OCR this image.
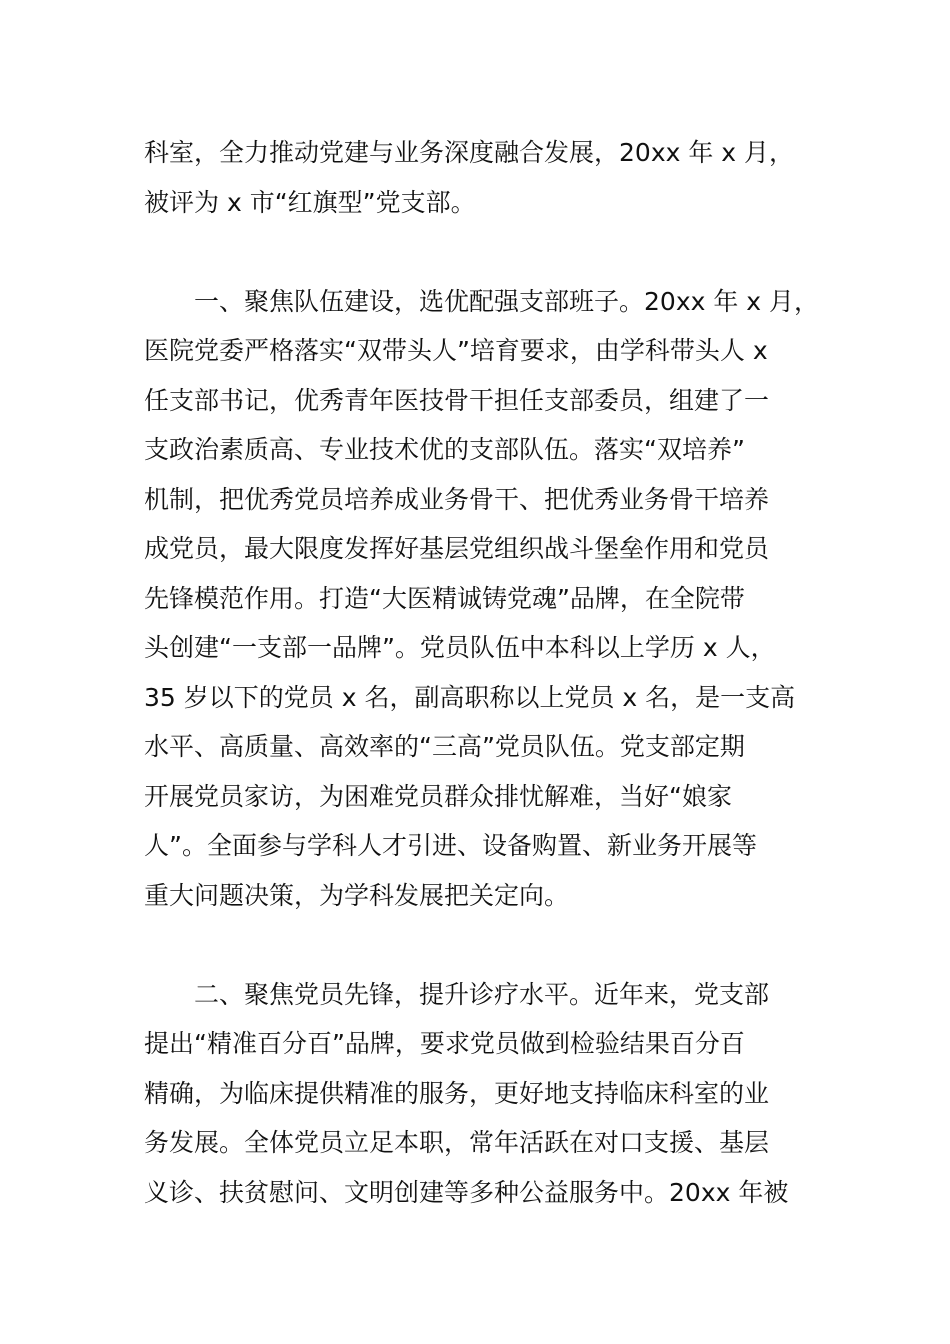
科室，全力推动党建与业务深度融合发展，20xx 年 x 月，
被评为 x 市“红旗型”党支部。
一、聚焦队伍建设，选优配强支部班子。20xx 年 x 月，
医院党委严格落实“双带头人”培育要求，由学科带头人 x
任支部书记，优秀青年医技骨干担任支部委员，组建了一
支政治素质高、专业技术优的支部队伍。落实“双培养”
机制，把优秀党员培养成业务骨干、把优秀业务骨干培养
成党员，最大限度发挥好基层党组织战斗堡垒作用和党员
先锋模范作用。打造“大医精诚铸党魂”品牌，在全院带
头创建“一支部一品牌”。党员队伍中本科以上学历 x 人，
35 岁以下的党员 x 名，副高职称以上党员 x 名，是一支高
水平、高质量、高效率的“三高”党员队伍。党支部定期
开展党员家访，为困难党员群众排忧解难，当好“娘家
人”。全面参与学科人才引进、设备购置、新业务开展等
重大问题决策，为学科发展把关定向。
二、聚焦党员先锋，提升诊疗水平。近年来，党支部
提出“精准百分百”品牌，要求党员做到检验结果百分百
精确，为临床提供精准的服务，更好地支持临床科室的业
务发展。全体党员立足本职，常年活跃在对口支援、基层
义诊、扶贫慰问、文明创建等多种公益服务中。20xx 年被
